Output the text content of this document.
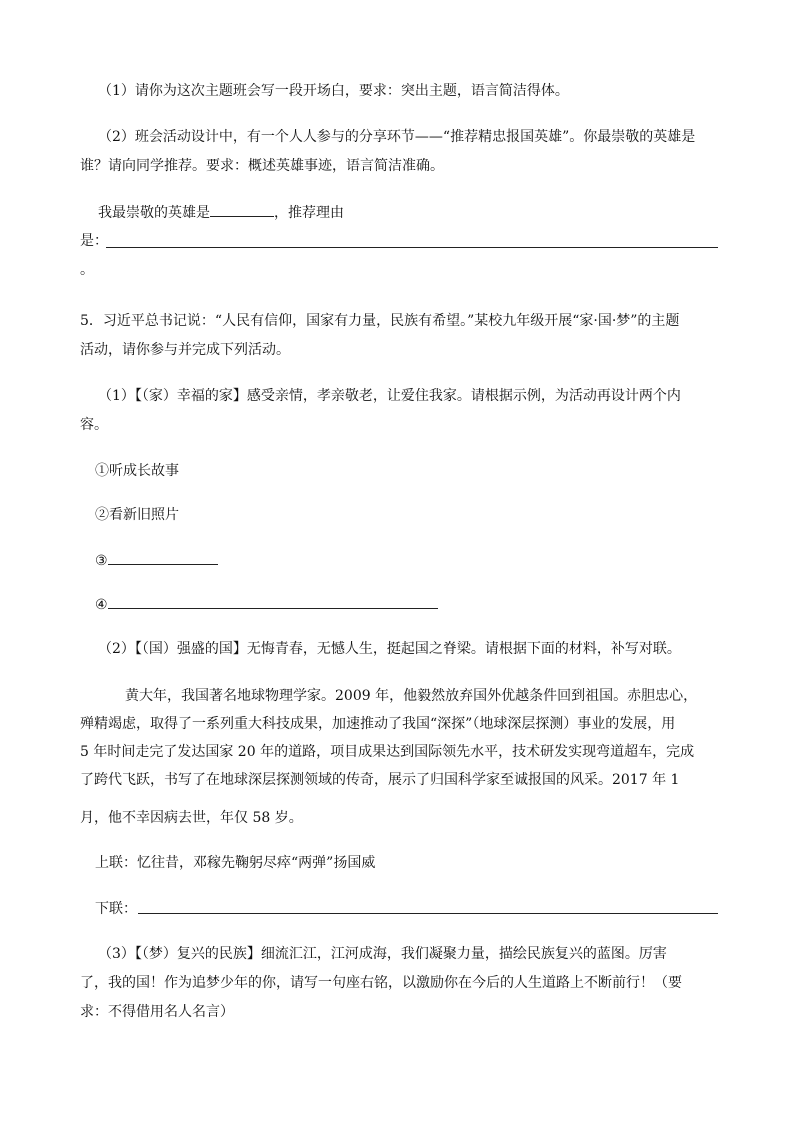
（1）请你为这次主题班会写一段开场白，要求：突出主题，语言简洁得体。
（2）班会活动设计中，有一个人人参与的分享环节——“推荐精忠报国英雄”。你最崇敬的英雄是
谁？请向同学推荐。要求：概述英雄事迹，语言简洁准确。
我最崇敬的英雄是	，推荐理由
是：
。
5．习近平总书记说：“人民有信仰，国家有力量，民族有希望。”某校九年级开展“家·国·梦”的主题
活动，请你参与并完成下列活动。
（1）【（家）幸福的家】感受亲情，孝亲敬老，让爱住我家。请根据示例，为活动再设计两个内
容。
①听成长故事
②看新旧照片
③
④
（2）【（国）强盛的国】无悔青春，无憾人生，挺起国之脊梁。请根据下面的材料，补写对联。
黄大年，我国著名地球物理学家。2009 年，他毅然放弃国外优越条件回到祖国。赤胆忠心，
殚精竭虑，取得了一系列重大科技成果，加速推动了我国“深探”（地球深层探测）事业的发展，用
5 年时间走完了发达国家 20 年的道路，项目成果达到国际领先水平，技术研发实现弯道超车，完成
了跨代飞跃，书写了在地球深层探测领域的传奇，展示了归国科学家至诚报国的风采。2017 年 1
月，他不幸因病去世，年仅 58 岁。
上联：忆往昔，邓稼先鞠躬尽瘁“两弹”扬国威
下联：
（3）【（梦）复兴的民族】细流汇江，江河成海，我们凝聚力量，描绘民族复兴的蓝图。厉害
了，我的国！作为追梦少年的你，请写一句座右铭，以激励你在今后的人生道路上不断前行！（要
求：不得借用名人名言）
